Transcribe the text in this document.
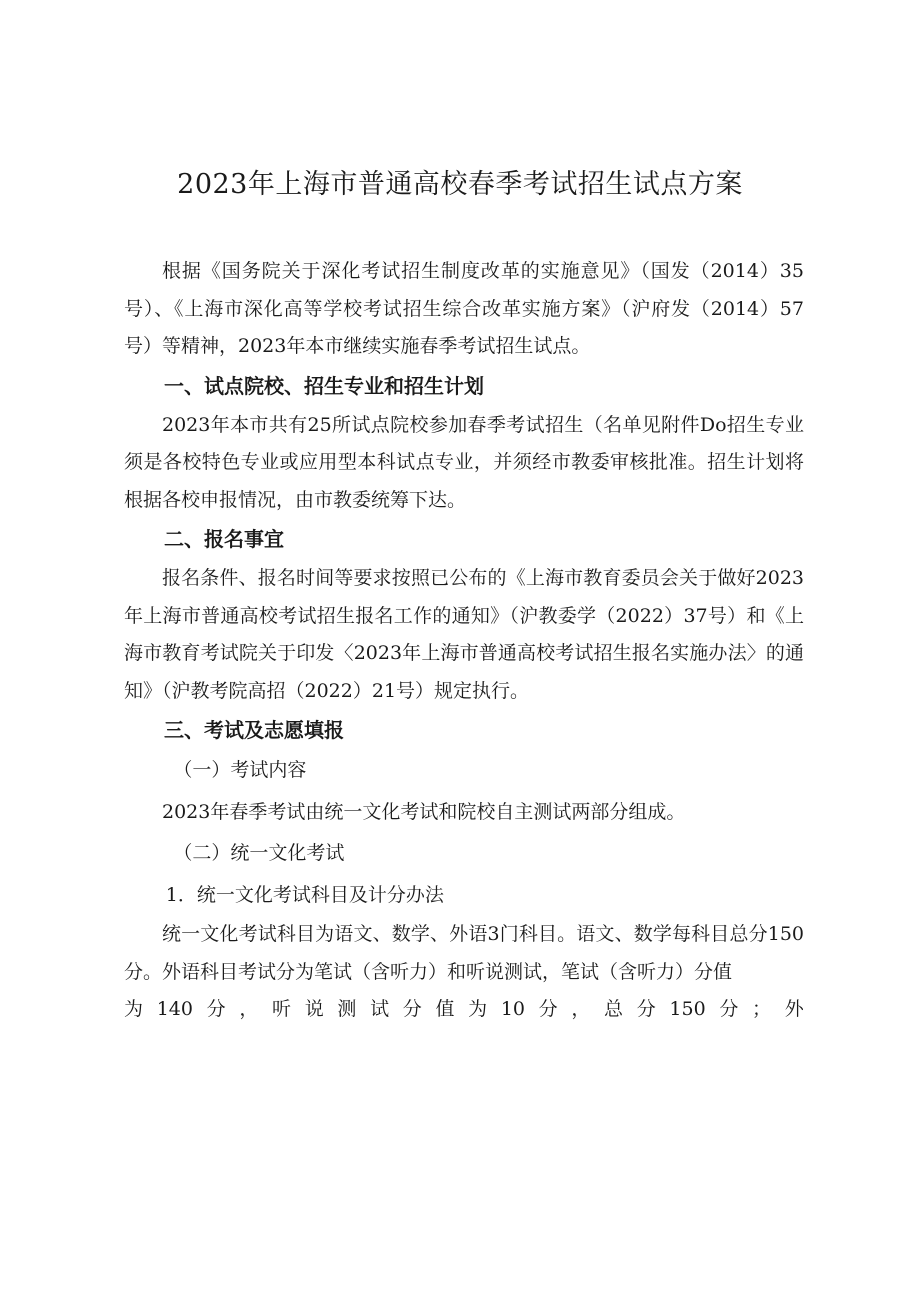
2023年上海市普通高校春季考试招生试点方案

根据《国务院关于深化考试招生制度改革的实施意见》（国发（2014）35号）、《上海市深化高等学校考试招生综合改革实施方案》（沪府发（2014）57号）等精神，2023年本市继续实施春季考试招生试点。

一、试点院校、招生专业和招生计划

2023年本市共有25所试点院校参加春季考试招生（名单见附件Do招生专业须是各校特色专业或应用型本科试点专业，并须经市教委审核批准。招生计划将根据各校申报情况，由市教委统筹下达。

二、报名事宜

报名条件、报名时间等要求按照已公布的《上海市教育委员会关于做好2023年上海市普通高校考试招生报名工作的通知》（沪教委学（2022）37号）和《上海市教育考试院关于印发〈2023年上海市普通高校考试招生报名实施办法〉的通知》（沪教考院高招（2022）21号）规定执行。

三、考试及志愿填报

（一）考试内容

2023年春季考试由统一文化考试和院校自主测试两部分组成。

（二）统一文化考试

1．统一文化考试科目及计分办法

统一文化考试科目为语文、数学、外语3门科目。语文、数学每科目总分150分。外语科目考试分为笔试（含听力）和听说测试，笔试（含听力）分值

为 140 分 ， 听 说 测 试 分 值 为 10 分 ， 总 分 150 分 ； 外
